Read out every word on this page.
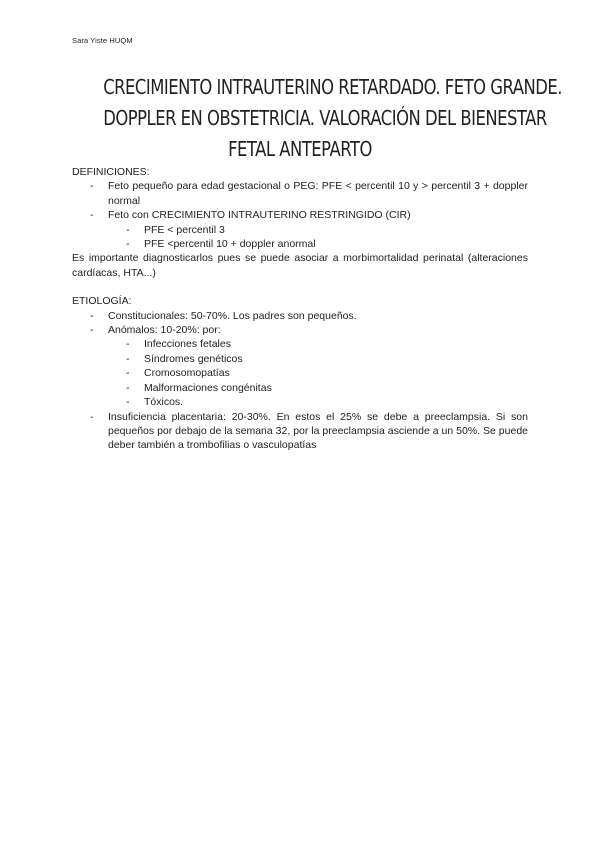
Sara Yiste HUQM
CRECIMIENTO INTRAUTERINO RETARDADO. FETO GRANDE.
DOPPLER EN OBSTETRICIA. VALORACIÓN DEL BIENESTAR
FETAL ANTEPARTO

DEFINICIONES:

- Feto pequeño para edad gestacional o PEG: PFE < percentil 10 y > percentil 3 + doppler normal
- Feto con CRECIMIENTO INTRAUTERINO RESTRINGIDO (CIR)
- PFE < percentil 3
- PFE <percentil 10 + doppler anormal

Es importante diagnosticarlos pues se puede asociar a morbimortalidad perinatal (alteraciones cardíacas, HTA...)

ETIOLOGÍA:

- Constitucionales: 50-70%. Los padres son pequeños.
- Anómalos: 10-20%: por:
- Infecciones fetales
- Síndromes genéticos
- Cromosomopatías
- Malformaciones congénitas
- Tóxicos.
- Insuficiencia placentaria: 20-30%. En estos el 25% se debe a preeclampsia. Si son pequeños por debajo de la semana 32, por la preeclampsia asciende a un 50%. Se puede deber también a trombofilias o vasculopatías
